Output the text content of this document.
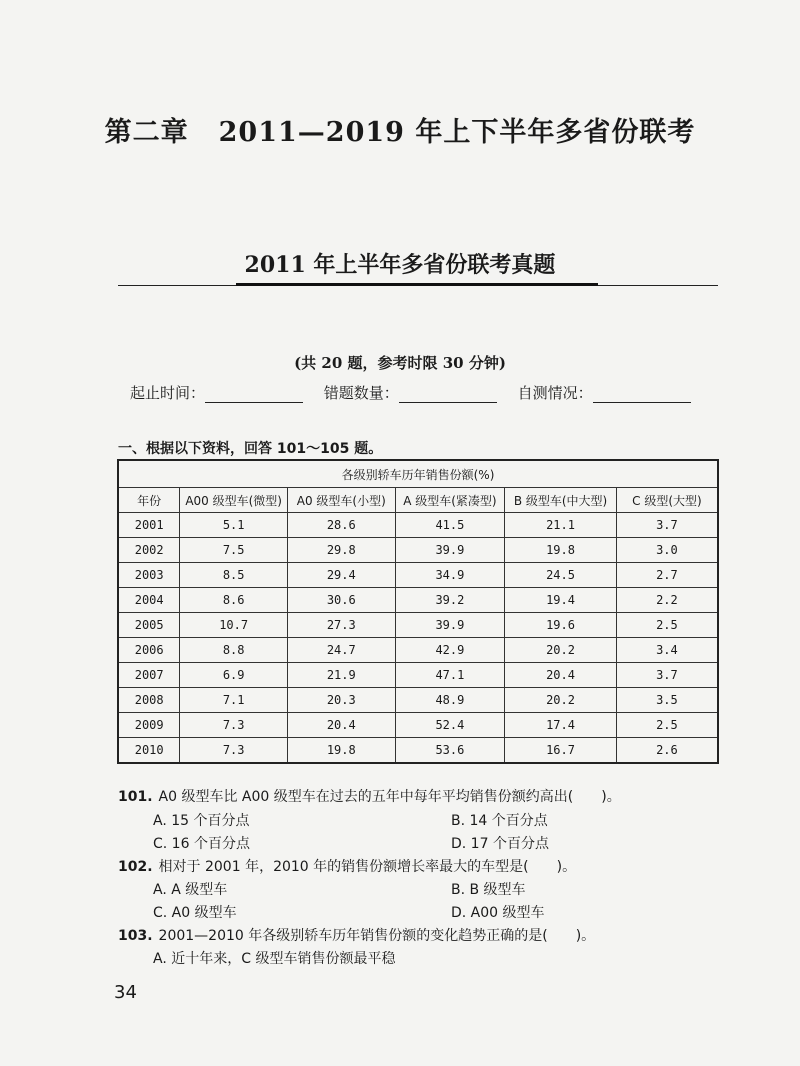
第二章 2011—2019 年上下半年多省份联考
2011 年上半年多省份联考真题
(共 20 题，参考时限 30 分钟)
起止时间：	错题数量：	自测情况：
一、根据以下资料，回答 101～105 题。
各级别轿车历年销售份额(%)					
年份	A00 级型车(微型)	A0 级型车(小型)	A 级型车(紧凑型)	B 级型车(中大型)	C 级型(大型)
2001	5.1	28.6	41.5	21.1	3.7
2002	7.5	29.8	39.9	19.8	3.0
2003	8.5	29.4	34.9	24.5	2.7
2004	8.6	30.6	39.2	19.4	2.2
2005	10.7	27.3	39.9	19.6	2.5
2006	8.8	24.7	42.9	20.2	3.4
2007	6.9	21.9	47.1	20.4	3.7
2008	7.1	20.3	48.9	20.2	3.5
2009	7.3	20.4	52.4	17.4	2.5
2010	7.3	19.8	53.6	16.7	2.6
101. A0 级型车比 A00 级型车在过去的五年中每年平均销售份额约高出(　　)。
A. 15 个百分点	B. 14 个百分点
C. 16 个百分点	D. 17 个百分点
102. 相对于 2001 年，2010 年的销售份额增长率最大的车型是(　　)。
A. A 级型车	B. B 级型车
C. A0 级型车	D. A00 级型车
103. 2001—2010 年各级别轿车历年销售份额的变化趋势正确的是(　　)。
A. 近十年来，C 级型车销售份额最平稳
34
